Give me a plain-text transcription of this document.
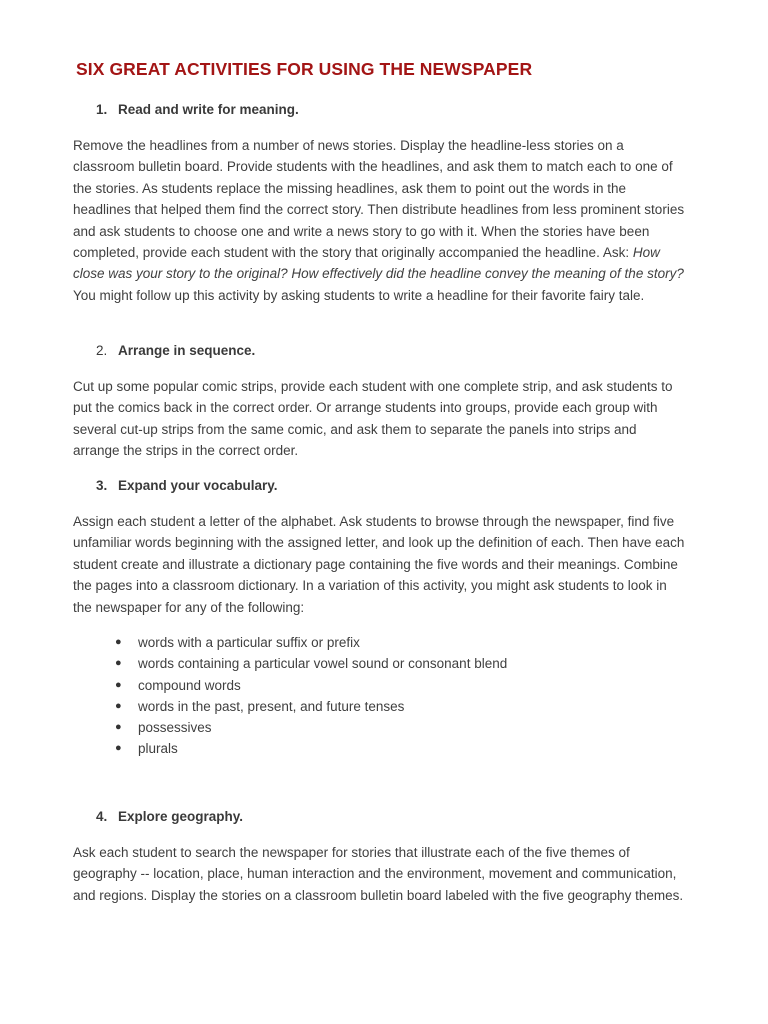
SIX GREAT ACTIVITIES FOR USING THE NEWSPAPER
1. Read and write for meaning.

Remove the headlines from a number of news stories. Display the headline-less stories on a classroom bulletin board. Provide students with the headlines, and ask them to match each to one of the stories. As students replace the missing headlines, ask them to point out the words in the headlines that helped them find the correct story. Then distribute headlines from less prominent stories and ask students to choose one and write a news story to go with it. When the stories have been completed, provide each student with the story that originally accompanied the headline. Ask: How close was your story to the original? How effectively did the headline convey the meaning of the story? You might follow up this activity by asking students to write a headline for their favorite fairy tale.

2. Arrange in sequence.

Cut up some popular comic strips, provide each student with one complete strip, and ask students to put the comics back in the correct order. Or arrange students into groups, provide each group with several cut-up strips from the same comic, and ask them to separate the panels into strips and arrange the strips in the correct order.

3. Expand your vocabulary.

Assign each student a letter of the alphabet. Ask students to browse through the newspaper, find five unfamiliar words beginning with the assigned letter, and look up the definition of each. Then have each student create and illustrate a dictionary page containing the five words and their meanings. Combine the pages into a classroom dictionary. In a variation of this activity, you might ask students to look in the newspaper for any of the following:

● words with a particular suffix or prefix
● words containing a particular vowel sound or consonant blend
● compound words
● words in the past, present, and future tenses
● possessives
● plurals
4. Explore geography.

Ask each student to search the newspaper for stories that illustrate each of the five themes of geography -- location, place, human interaction and the environment, movement and communication, and regions. Display the stories on a classroom bulletin board labeled with the five geography themes.
